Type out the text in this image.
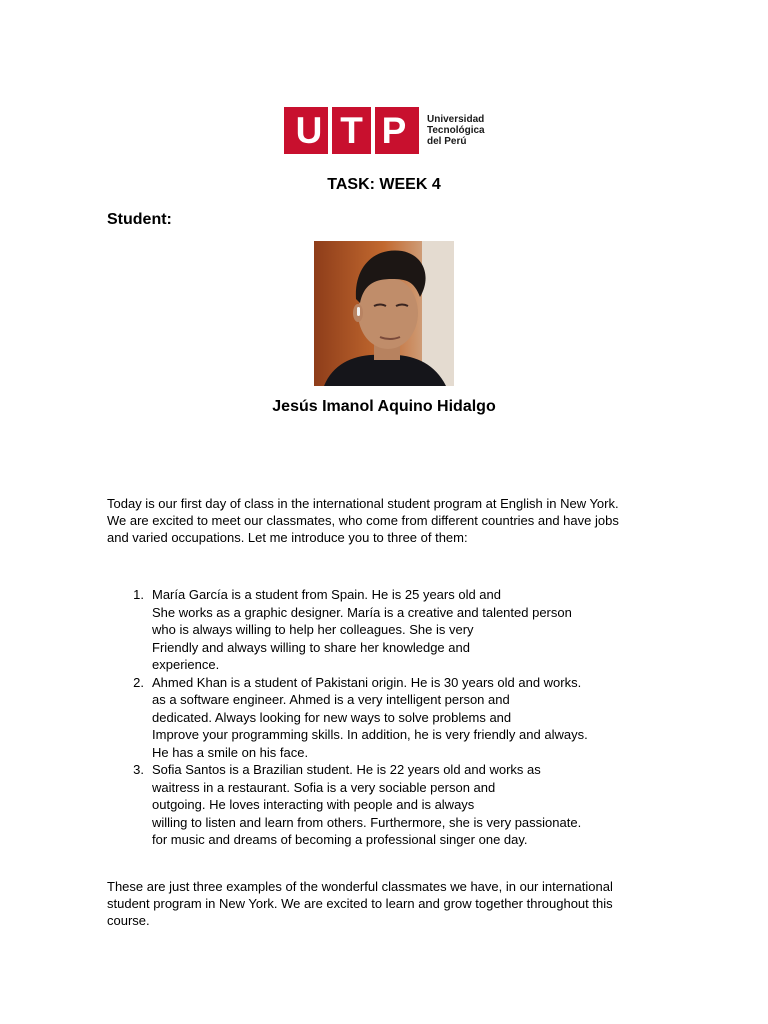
U T P	Universidad
Tecnológica
del Perú
TASK: WEEK 4
Student:
Jesús Imanol Aquino Hidalgo
Today is our first day of class in the international student program at English in New York.
We are excited to meet our classmates, who come from different countries and have jobs
and varied occupations. Let me introduce you to three of them:
1. María García is a student from Spain. He is 25 years old and
She works as a graphic designer. María is a creative and talented person
who is always willing to help her colleagues. She is very
Friendly and always willing to share her knowledge and
experience.
2. Ahmed Khan is a student of Pakistani origin. He is 30 years old and works.
as a software engineer. Ahmed is a very intelligent person and
dedicated. Always looking for new ways to solve problems and
Improve your programming skills. In addition, he is very friendly and always.
He has a smile on his face.
3. Sofia Santos is a Brazilian student. He is 22 years old and works as
waitress in a restaurant. Sofia is a very sociable person and
outgoing. He loves interacting with people and is always
willing to listen and learn from others. Furthermore, she is very passionate.
for music and dreams of becoming a professional singer one day.
These are just three examples of the wonderful classmates we have, in our international
student program in New York. We are excited to learn and grow together throughout this
course.
